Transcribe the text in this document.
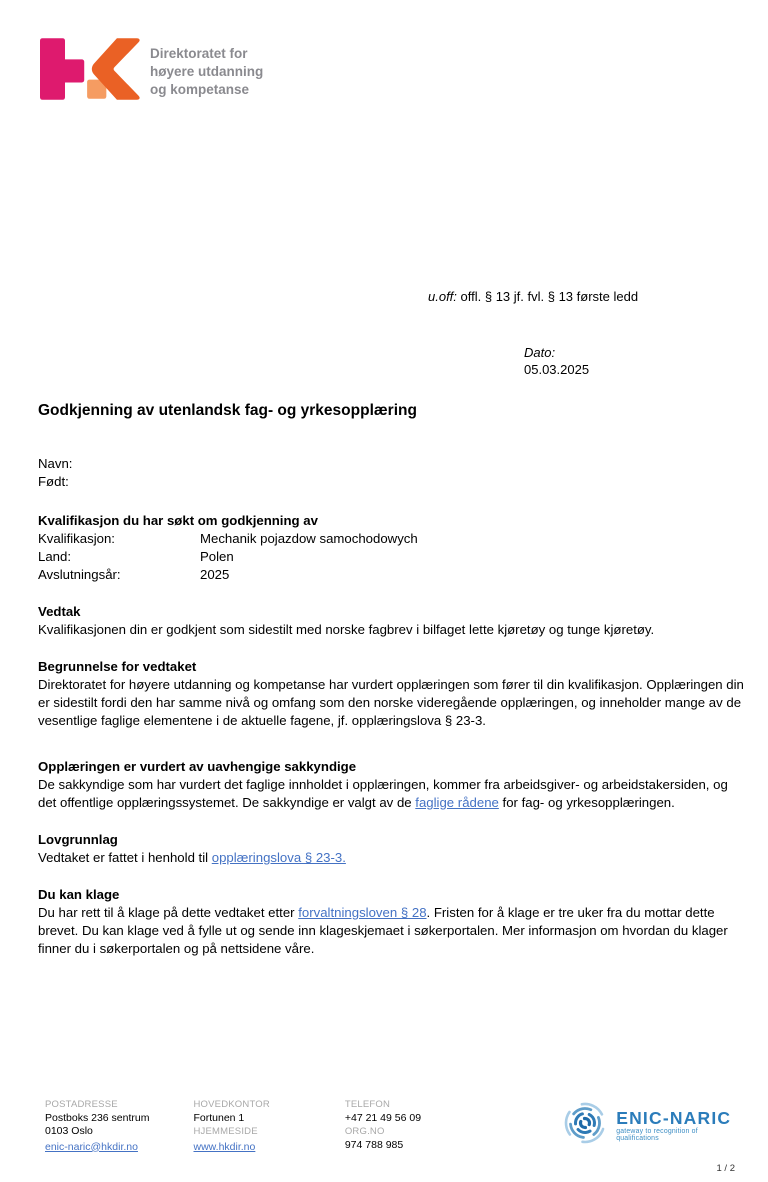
Direktoratet for
høyere utdanning
og kompetanse
u.off: offl. § 13 jf. fvl. § 13 første ledd
Dato:
05.03.2025
Godkjenning av utenlandsk fag- og yrkesopplæring
Navn:
Født:
Kvalifikasjon du har søkt om godkjenning av
Kvalifikasjon:	Mechanik pojazdow samochodowych
Land:	Polen
Avslutningsår:	2025
Vedtak

Kvalifikasjonen din er godkjent som sidestilt med norske fagbrev i bilfaget lette kjøretøy og tunge kjøretøy.

Begrunnelse for vedtaket

Direktoratet for høyere utdanning og kompetanse har vurdert opplæringen som fører til din kvalifikasjon. Opplæringen din er sidestilt fordi den har samme nivå og omfang som den norske videregående opplæringen, og inneholder mange av de vesentlige faglige elementene i de aktuelle fagene, jf. opplæringslova § 23-3.

Opplæringen er vurdert av uavhengige sakkyndige

De sakkyndige som har vurdert det faglige innholdet i opplæringen, kommer fra arbeidsgiver- og arbeidstakersiden, og det offentlige opplæringssystemet. De sakkyndige er valgt av de faglige rådene for fag- og yrkesopplæringen.

Lovgrunnlag

Vedtaket er fattet i henhold til opplæringslova § 23-3.

Du kan klage

Du har rett til å klage på dette vedtaket etter forvaltningsloven § 28. Fristen for å klage er tre uker fra du mottar dette brevet. Du kan klage ved å fylle ut og sende inn klageskjemaet i søkerportalen. Mer informasjon om hvordan du klager finner du i søkerportalen og på nettsidene våre.

POSTADRESSE
Postboks 236 sentrum
0103 Oslo
enic-naric@hkdir.no
HOVEDKONTOR
Fortunen 1
HJEMMESIDE
www.hkdir.no
TELEFON
+47 21 49 56 09
ORG.NO
974 788 985
ENIC-NARIC
gateway to recognition of qualifications
1 / 2
